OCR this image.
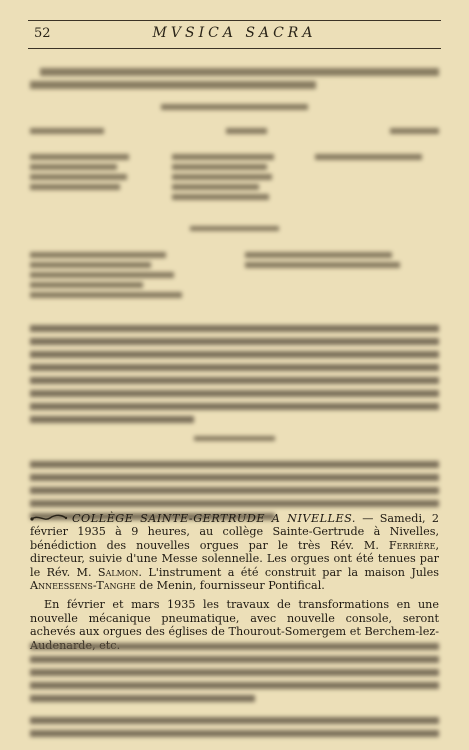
52	MVSICA SACRA

COLLÈGE SAINTE-GERTRUDE A NIVELLES. — Samedi, 2 février 1935 à 9 heures, au collège Sainte-Gertrude à Nivelles, bénédiction des nouvelles orgues par le très Rév. M. Ferrière, directeur, suivie d'une Messe solennelle. Les orgues ont été tenues par le Rév. M. Salmon. L'instrument a été construit par la maison Jules Anneessens-Tanghe de Menin, fournisseur Pontifical.

En février et mars 1935 les travaux de transformations en une nouvelle mécanique pneumatique, avec nouvelle console, seront achevés aux orgues des églises de Thourout-Somergem et Berchem-lez-
